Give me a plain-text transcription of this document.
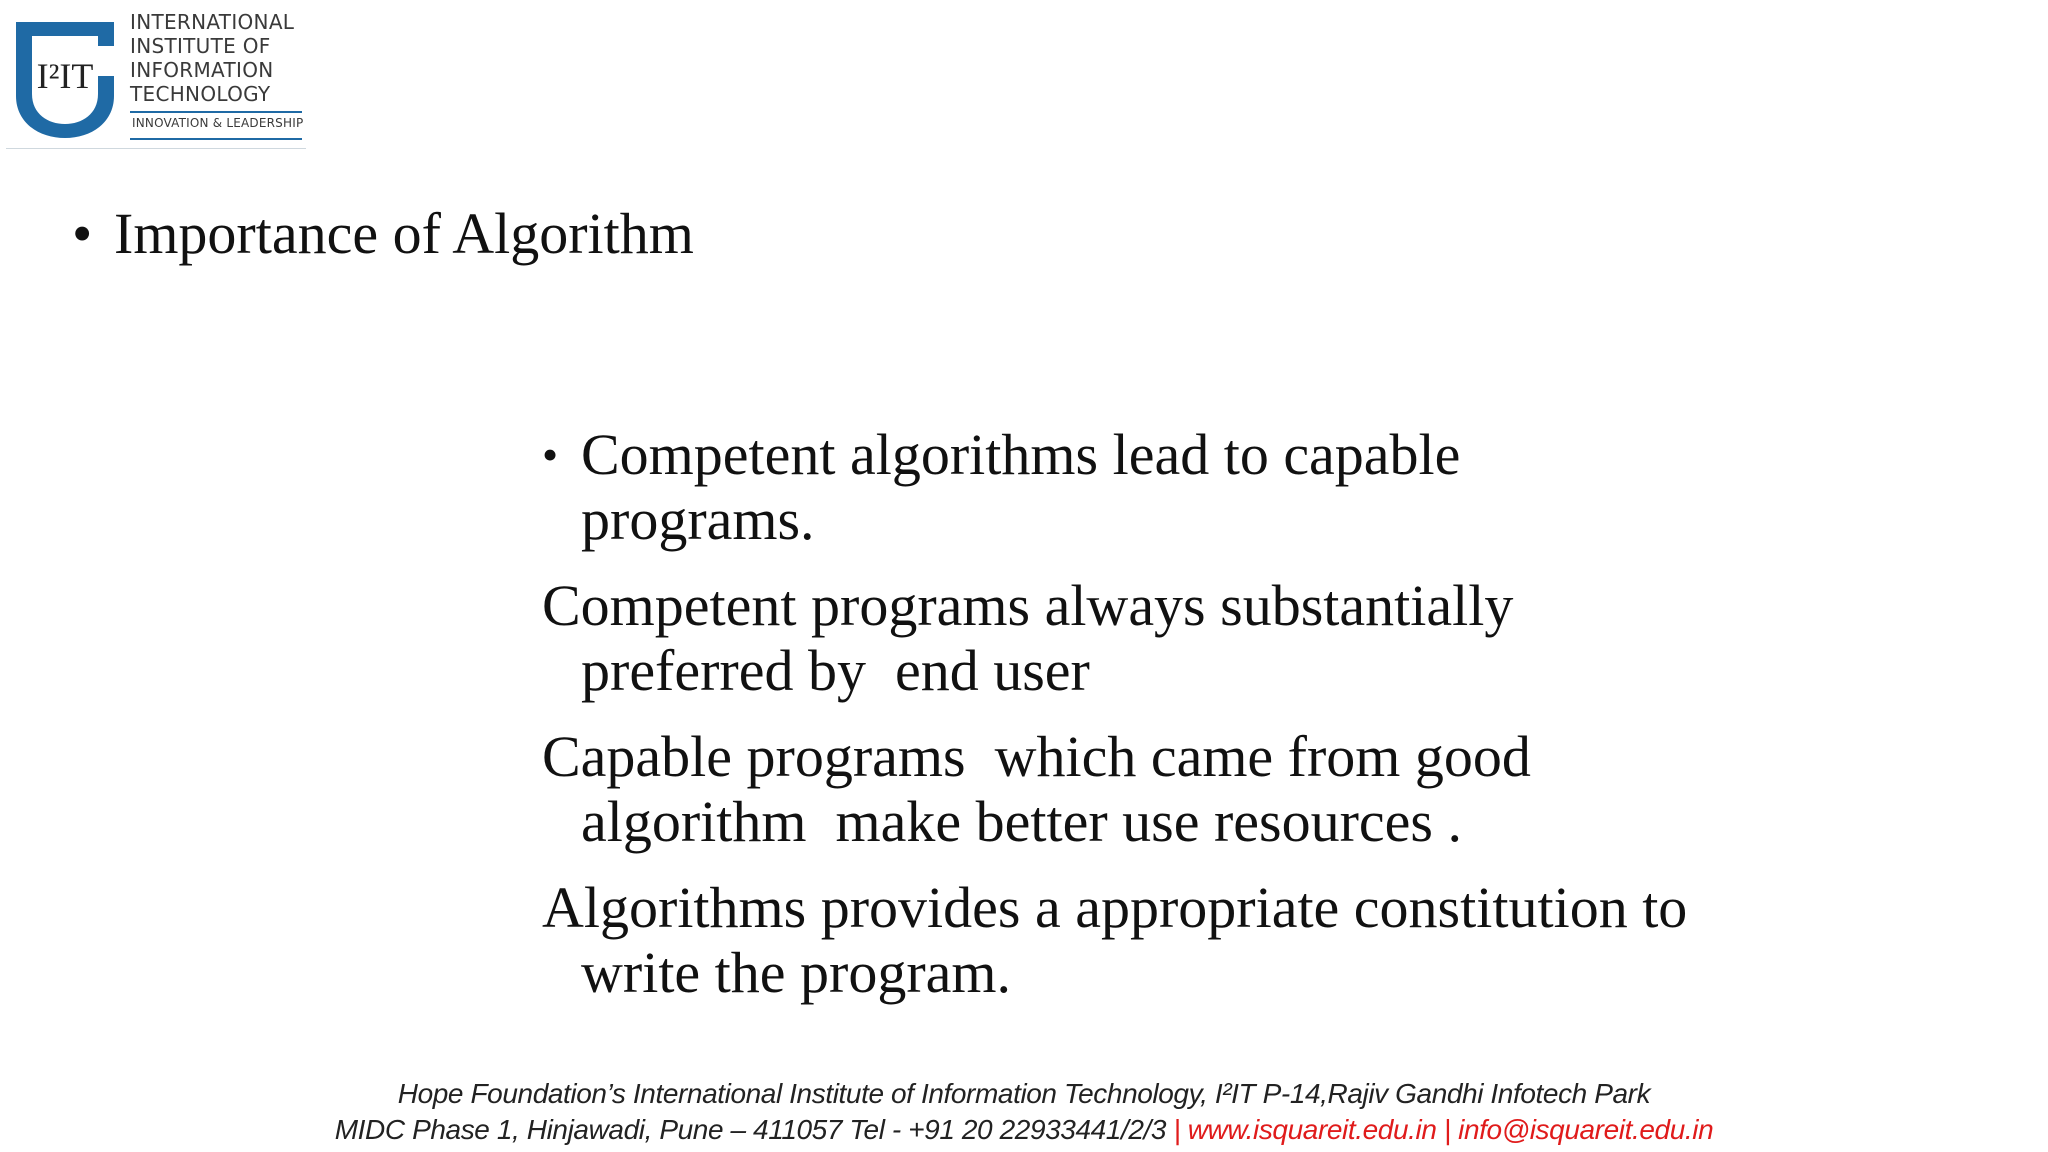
I²IT
INTERNATIONAL
INSTITUTE OF
INFORMATION
TECHNOLOGY
INNOVATION & LEADERSHIP
• Importance of Algorithm
• Competent algorithms lead to capable
programs.
Competent programs always substantially
preferred by  end user
Capable programs  which came from good
algorithm  make better use resources .
Algorithms provides a appropriate constitution to
write the program.
Hope Foundation’s International Institute of Information Technology, I²IT P-14,Rajiv Gandhi Infotech Park
MIDC Phase 1, Hinjawadi, Pune – 411057 Tel - +91 20 22933441/2/3 | www.isquareit.edu.in | info@isquareit.edu.in
